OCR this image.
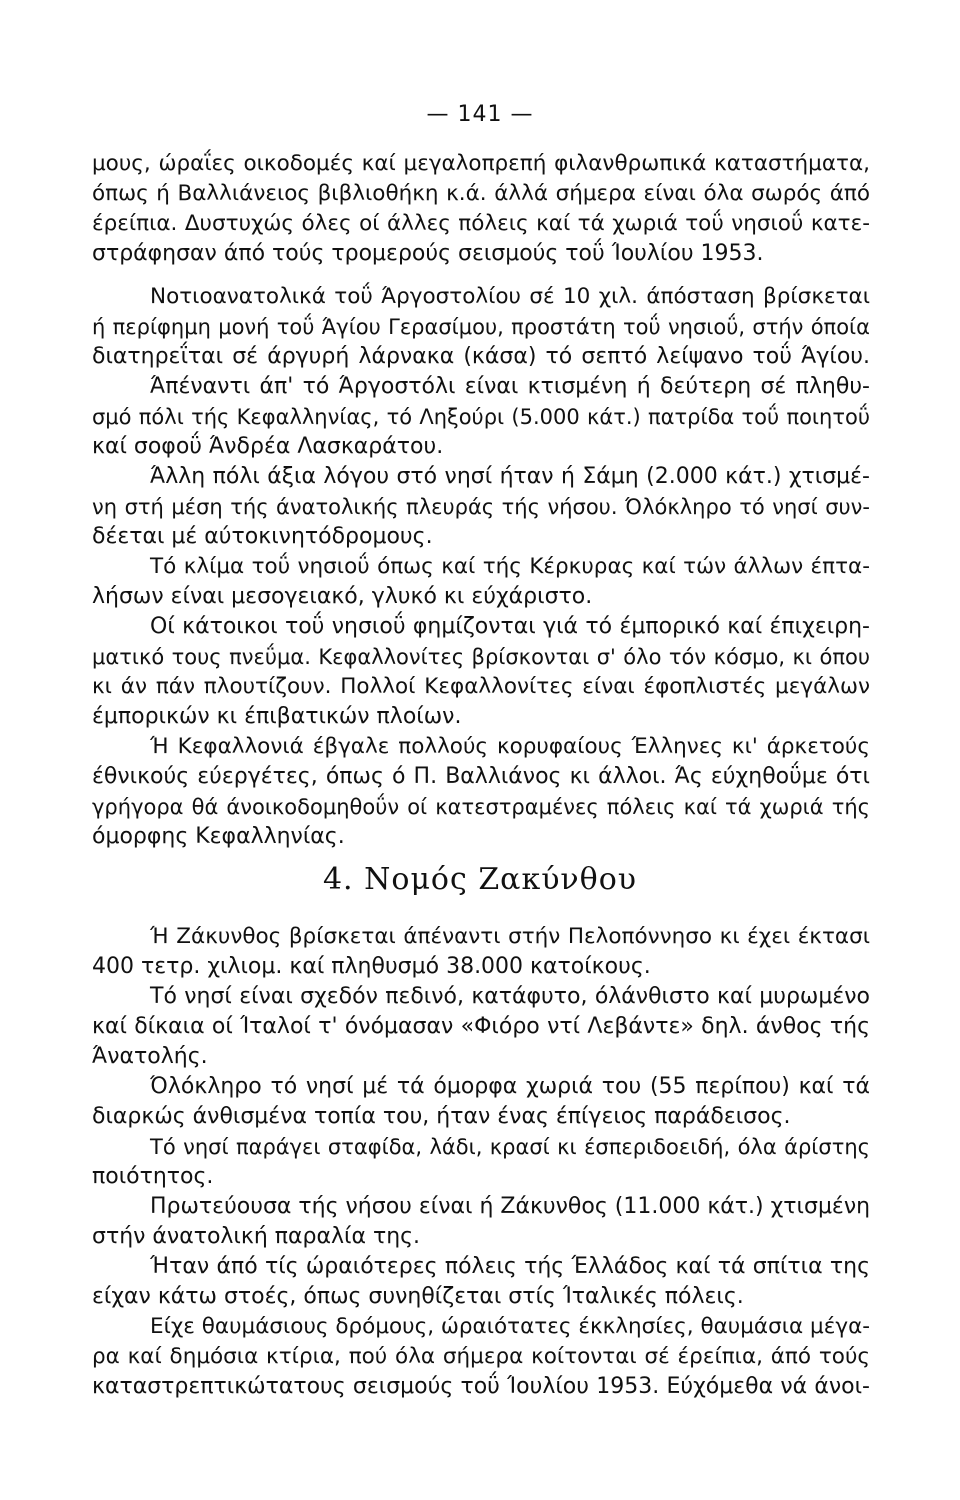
— 141 —
μους, ώραΐες οικοδομές καί μεγαλοπρεπή φιλανθρωπικά καταστήματα,
όπως ή Βαλλιάνειος βιβλιοθήκη κ.ά. άλλά σήμερα είναι όλα σωρός άπό
έρείπια. Δυστυχώς όλες οί άλλες πόλεις καί τά χωριά τοΰ νησιοΰ κατε-
στράφησαν άπό τούς τρομερούς σεισμούς τοΰ Ίουλίου 1953.
Νοτιοανατολικά τοΰ Άργοστολίου σέ 10 χιλ. άπόσταση βρίσκεται
ή περίφημη μονή τοΰ Άγίου Γερασίμου, προστάτη τοΰ νησιοΰ, στήν όποία
διατηρεΐται σέ άργυρή λάρνακα (κάσα) τό σεπτό λείψανο τοΰ Άγίου.
Άπέναντι άπ' τό Άργοστόλι είναι κτισμένη ή δεύτερη σέ πληθυ-
σμό πόλι τής Κεφαλληνίας, τό Ληξούρι (5.000 κάτ.) πατρίδα τοΰ ποιητοΰ
καί σοφοΰ Άνδρέα Λασκαράτου.
Άλλη πόλι άξια λόγου στό νησί ήταν ή Σάμη (2.000 κάτ.) χτισμέ-
νη στή μέση τής άνατολικής πλευράς τής νήσου. Όλόκληρο τό νησί συν-
δέεται μέ αύτοκινητόδρομους.
Τό κλίμα τοΰ νησιοΰ όπως καί τής Κέρκυρας καί τών άλλων έπτα-
λήσων είναι μεσογειακό, γλυκό κι εύχάριστο.
Οί κάτοικοι τοΰ νησιοΰ φημίζονται γιά τό έμπορικό καί έπιχειρη-
ματικό τους πνεΰμα. Κεφαλλονίτες βρίσκονται σ' όλο τόν κόσμο, κι όπου
κι άν πάν πλουτίζουν. Πολλοί Κεφαλλονίτες είναι έφοπλιστές μεγάλων
έμπορικών κι έπιβατικών πλοίων.
Ή Κεφαλλονιά έβγαλε πολλούς κορυφαίους Έλληνες κι' άρκετούς
έθνικούς εύεργέτες, όπως ό Π. Βαλλιάνος κι άλλοι. Άς εύχηθοΰμε ότι
γρήγορα θά άνοικοδομηθοΰν οί κατεστραμένες πόλεις καί τά χωριά τής
όμορφης Κεφαλληνίας.
4. Νομός Ζακύνθου
Ή Ζάκυνθος βρίσκεται άπέναντι στήν Πελοπόννησο κι έχει έκτασι
400 τετρ. χιλιομ. καί πληθυσμό 38.000 κατοίκους.
Τό νησί είναι σχεδόν πεδινό, κατάφυτο, όλάνθιστο καί μυρωμένο
καί δίκαια οί Ίταλοί τ' όνόμασαν «Φιόρο ντί Λεβάντε» δηλ. άνθος τής
Άνατολής.
Όλόκληρο τό νησί μέ τά όμορφα χωριά του (55 περίπου) καί τά
διαρκώς άνθισμένα τοπία του, ήταν ένας έπίγειος παράδεισος.
Τό νησί παράγει σταφίδα, λάδι, κρασί κι έσπεριδοειδή, όλα άρίστης
ποιότητος.
Πρωτεύουσα τής νήσου είναι ή Ζάκυνθος (11.000 κάτ.) χτισμένη
στήν άνατολική παραλία της.
Ήταν άπό τίς ώραιότερες πόλεις τής Έλλάδος καί τά σπίτια της
είχαν κάτω στοές, όπως συνηθίζεται στίς Ίταλικές πόλεις.
Είχε θαυμάσιους δρόμους, ώραιότατες έκκλησίες, θαυμάσια μέγα-
ρα καί δημόσια κτίρια, πού όλα σήμερα κοίτονται σέ έρείπια, άπό τούς
καταστρεπτικώτατους σεισμούς τοΰ Ίουλίου 1953. Εύχόμεθα νά άνοι-
